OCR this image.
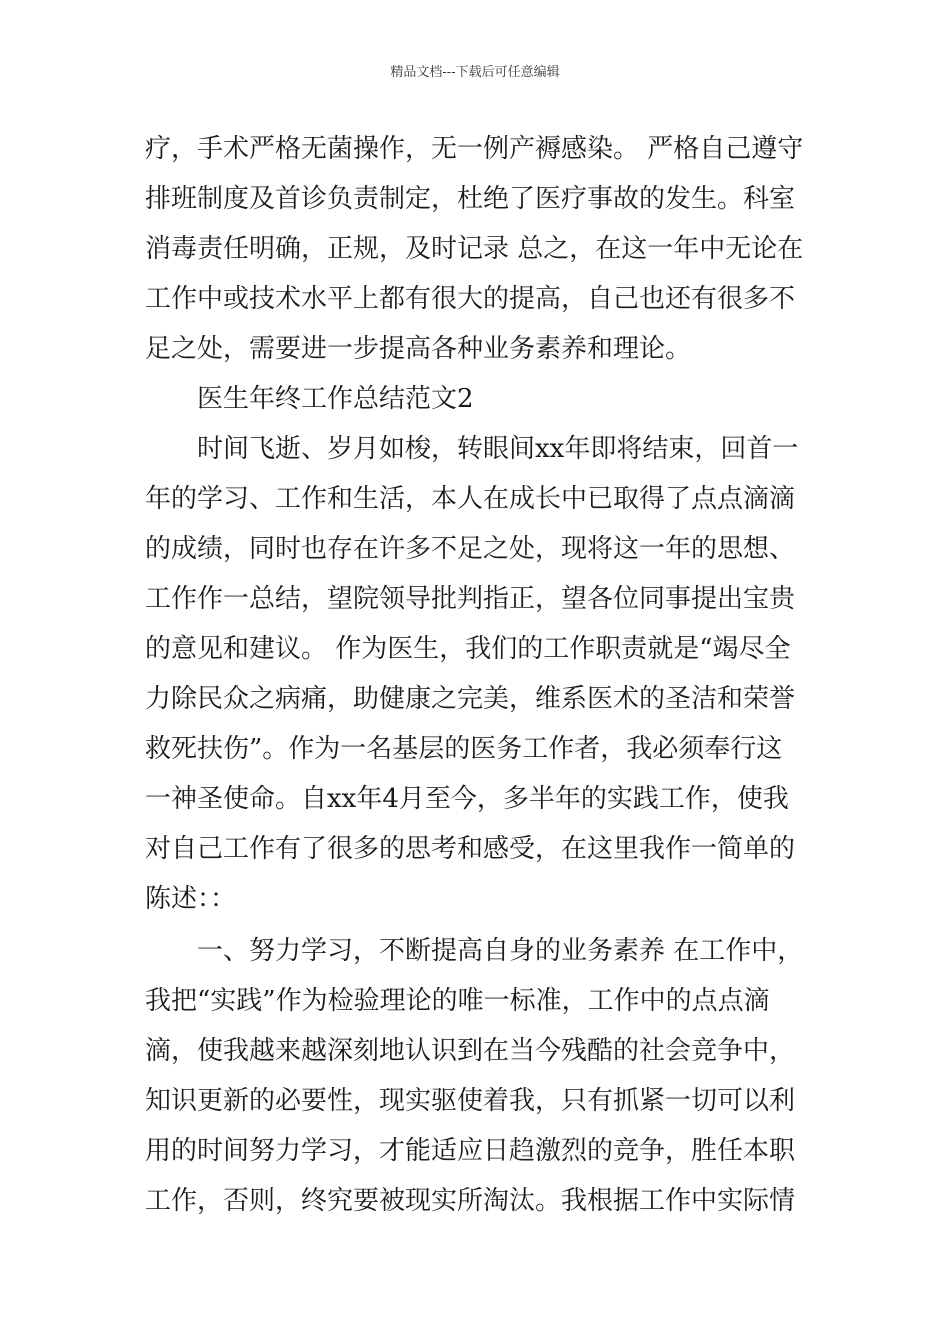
精品文档---下载后可任意编辑
疗，手术严格无菌操作，无一例产褥感染。 严格自己遵守
排班制度及首诊负责制定，杜绝了医疗事故的发生。科室
消毒责任明确，正规，及时记录 总之，在这一年中无论在
工作中或技术水平上都有很大的提高，自己也还有很多不
足之处，需要进一步提高各种业务素养和理论。
医生年终工作总结范文2
时间飞逝、岁月如梭，转眼间xx年即将结束，回首一
年的学习、工作和生活，本人在成长中已取得了点点滴滴
的成绩，同时也存在许多不足之处，现将这一年的思想、
工作作一总结，望院领导批判指正，望各位同事提出宝贵
的意见和建议。 作为医生，我们的工作职责就是“竭尽全
力除民众之病痛，助健康之完美，维系医术的圣洁和荣誉
救死扶伤”。作为一名基层的医务工作者，我必须奉行这
一神圣使命。自xx年4月至今，多半年的实践工作，使我
对自己工作有了很多的思考和感受，在这里我作一简单的
陈述：：
一、努力学习，不断提高自身的业务素养 在工作中，
我把“实践”作为检验理论的唯一标准，工作中的点点滴
滴，使我越来越深刻地认识到在当今残酷的社会竞争中，
知识更新的必要性，现实驱使着我，只有抓紧一切可以利
用的时间努力学习，才能适应日趋激烈的竞争，胜任本职
工作，否则，终究要被现实所淘汰。我根据工作中实际情
